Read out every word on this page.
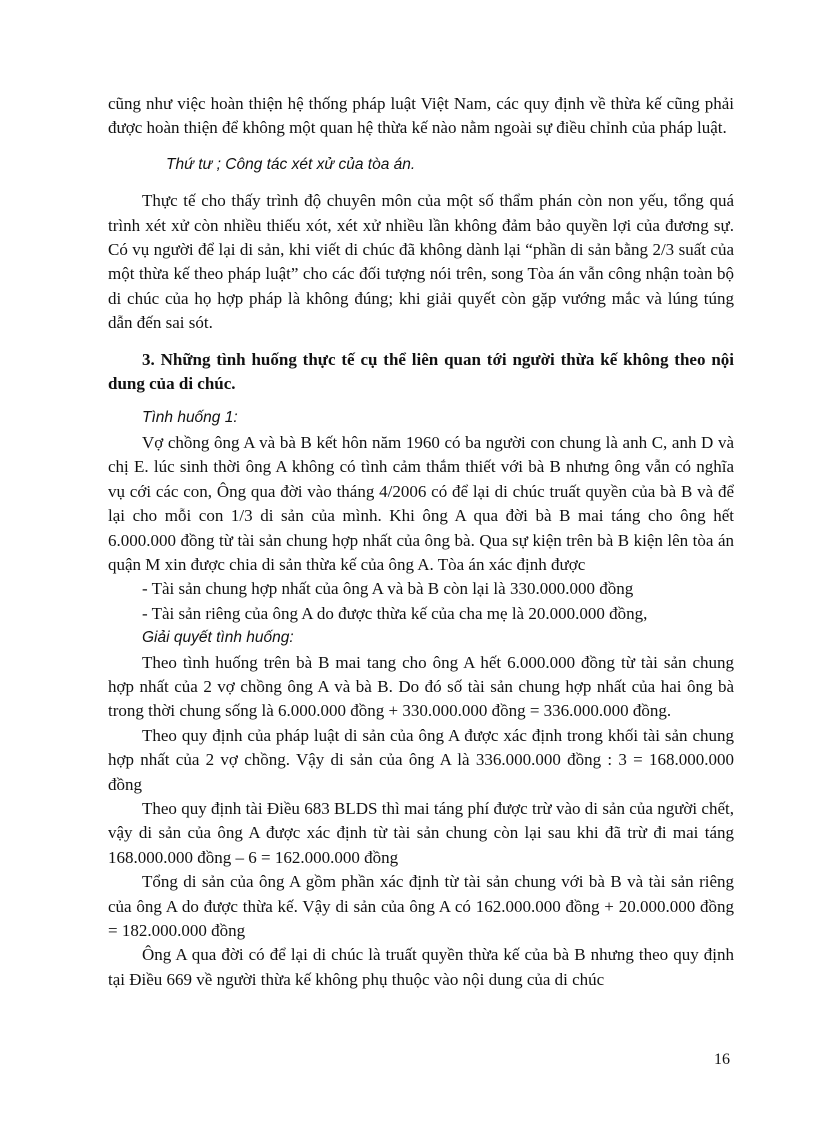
cũng như việc hoàn thiện hệ thống pháp luật Việt Nam, các quy định về thừa kế cũng phải được hoàn thiện để không một quan hệ thừa kế nào nằm ngoài sự điều chỉnh của pháp luật.

Thứ tư ; Công tác xét xử của tòa án.

Thực tế cho thấy trình độ chuyên môn của một số thẩm phán còn non yếu, tổng quá trình xét xử còn nhiều thiếu xót, xét xử nhiều lần không đảm bảo quyền lợi của đương sự. Có vụ người để lại di sản, khi viết di chúc đã không dành lại “phần di sản bằng 2/3 suất của một thừa kế theo pháp luật” cho các đối tượng nói trên, song Tòa án vẫn công nhận toàn bộ di chúc của họ hợp pháp là không đúng; khi giải quyết còn gặp vướng mắc và lúng túng dẫn đến sai sót.

3. Những tình huống thực tế cụ thể liên quan tới người thừa kế không theo nội dung của di chúc.

Tình huống 1:

Vợ chồng ông A và bà B kết hôn năm 1960 có ba người con chung là anh C, anh D và chị E. lúc sinh thời ông A không có tình cảm thắm thiết với bà B nhưng ông vẫn có nghĩa vụ cới các con, Ông qua đời vào tháng 4/2006 có để lại di chúc truất quyền của bà B và để lại cho mỗi con 1/3 di sản của mình. Khi ông A qua đời bà B mai táng cho ông hết 6.000.000 đồng từ tài sản chung hợp nhất của ông bà. Qua sự kiện trên bà B kiện lên tòa án quận M xin được chia di sản thừa kế của ông A. Tòa án xác định được

- Tài sản chung hợp nhất của ông A và bà B còn lại là 330.000.000 đồng

- Tài sản riêng của ông A do được thừa kế của cha mẹ là 20.000.000 đồng,

Giải quyết tình huống:

Theo tình huống trên bà B mai tang cho ông A hết 6.000.000 đồng từ tài sản chung hợp nhất của 2 vợ chồng ông A và bà B. Do đó số tài sản chung hợp nhất của hai ông bà trong thời chung sống là 6.000.000 đồng + 330.000.000 đồng = 336.000.000 đồng.

Theo quy định của pháp luật di sản của ông A được xác định trong khối tài sản chung hợp nhất của 2 vợ chồng. Vậy di sản của ông A là 336.000.000 đồng : 3 = 168.000.000 đồng

Theo quy định tài Điều 683 BLDS thì mai táng phí được trừ vào di sản của người chết, vậy di sản của ông A được xác định từ tài sản chung còn lại sau khi đã trừ đi mai táng 168.000.000 đồng – 6 = 162.000.000 đồng

Tổng di sản của ông A gồm phần xác định từ tài sản chung với bà B và tài sản riêng của ông A do được thừa kế. Vậy di sản của ông A có 162.000.000 đồng + 20.000.000 đồng = 182.000.000 đồng

Ông A qua đời có để lại di chúc là truất quyền thừa kế của bà B nhưng theo quy định tại Điều 669 về người thừa kế không phụ thuộc vào nội dung của di chúc

16
